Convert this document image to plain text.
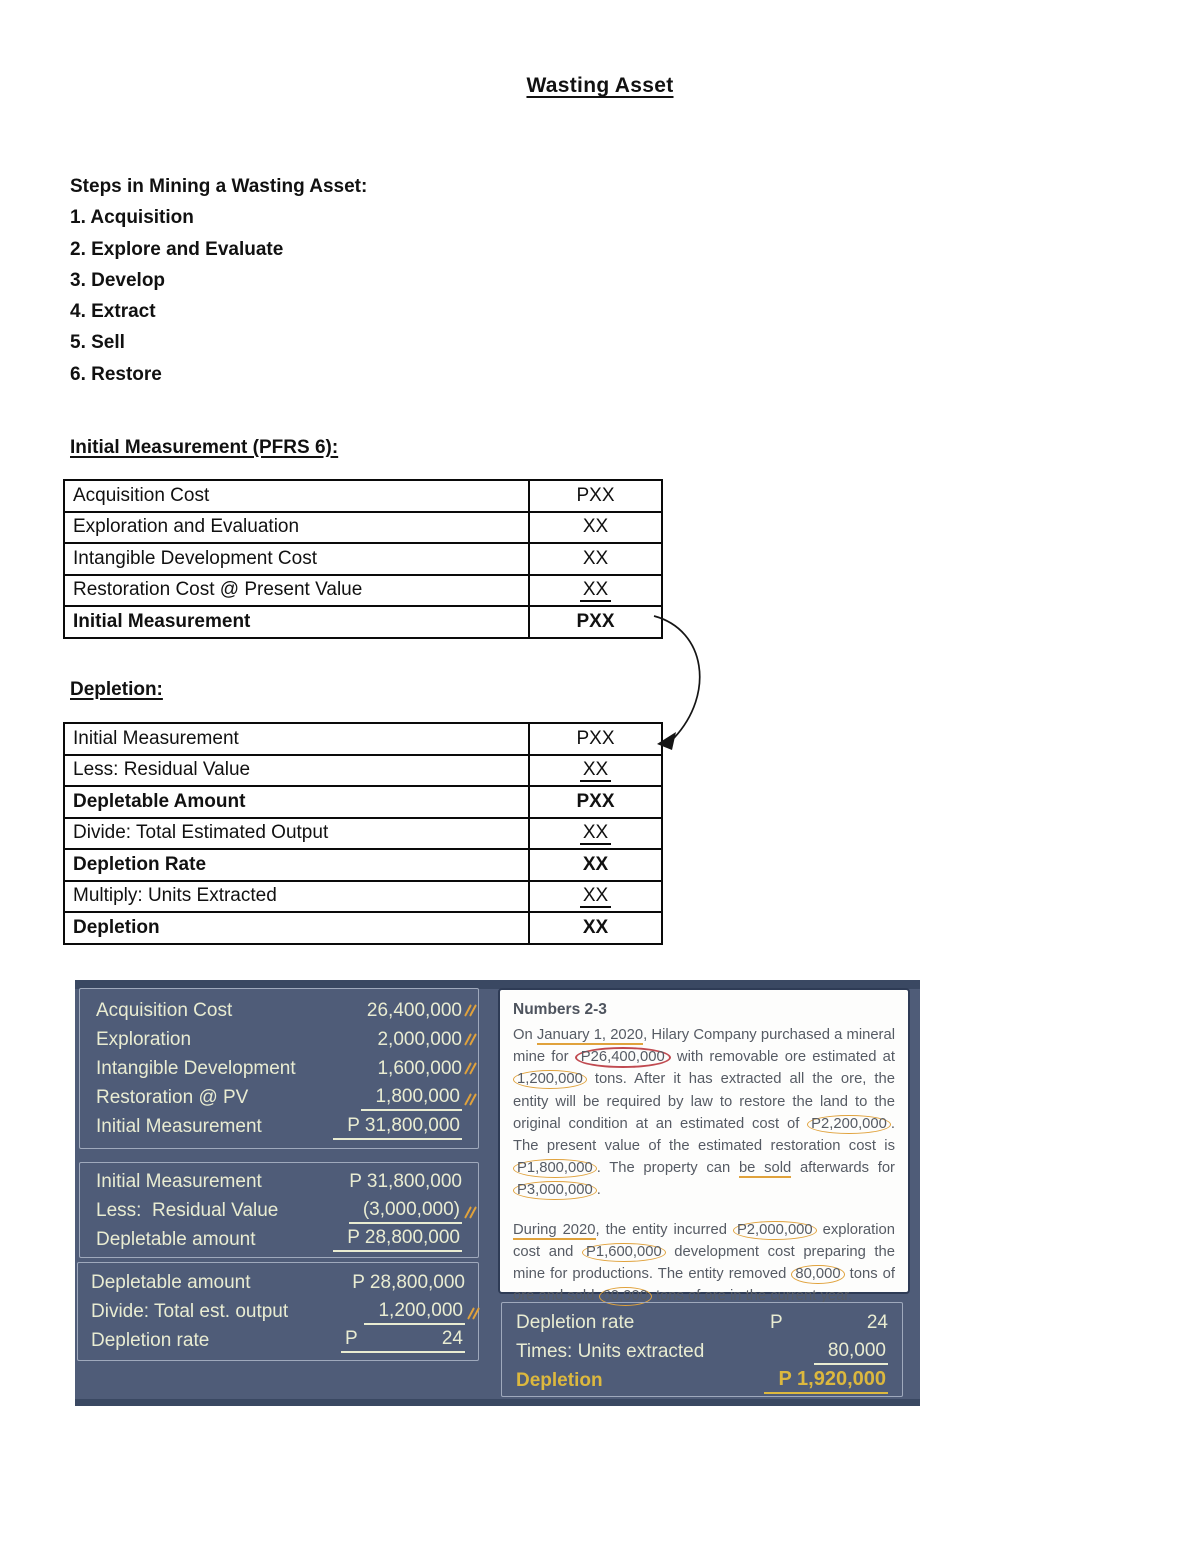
Wasting Asset
Steps in Mining a Wasting Asset:
1. Acquisition
2. Explore and Evaluate
3. Develop
4. Extract
5. Sell
6. Restore
Initial Measurement (PFRS 6):
Acquisition Cost	PXX
Exploration and Evaluation	XX
Intangible Development Cost	XX
Restoration Cost @ Present Value	XX
Initial Measurement	PXX
Depletion:
Initial Measurement	PXX
Less: Residual Value	XX
Depletable Amount	PXX
Divide: Total Estimated Output	XX
Depletion Rate	XX
Multiply: Units Extracted	XX
Depletion	XX
Acquisition Cost	26,400,000
Exploration	2,000,000
Intangible Development	1,600,000
Restoration @ PV	1,800,000
Initial Measurement	P 31,800,000
Initial Measurement	P 31,800,000
Less:  Residual Value	(3,000,000)
Depletable amount	P 28,800,000
Depletable amount	P 28,800,000
Divide: Total est. output	1,200,000
Depletion rate	P	24
Numbers 2-3

On January 1, 2020, Hilary Company purchased a mineral mine for P26,400,000 with removable ore estimated at 1,200,000 tons. After it has extracted all the ore, the entity will be required by law to restore the land to the original condition at an estimated cost of P2,200,000 . The present value of the estimated restoration cost is P1,800,000 . The property can be sold afterwards for P3,000,000 .

During 2020, the entity incurred P2,000,000 exploration cost and P1,600,000 development cost preparing the mine for productions. The entity removed 80,000 tons of ore and sold 60,000 tons of ore in the current year.

Depletion rate	P	24
Times: Units extracted	80,000
Depletion	P 1,920,000
